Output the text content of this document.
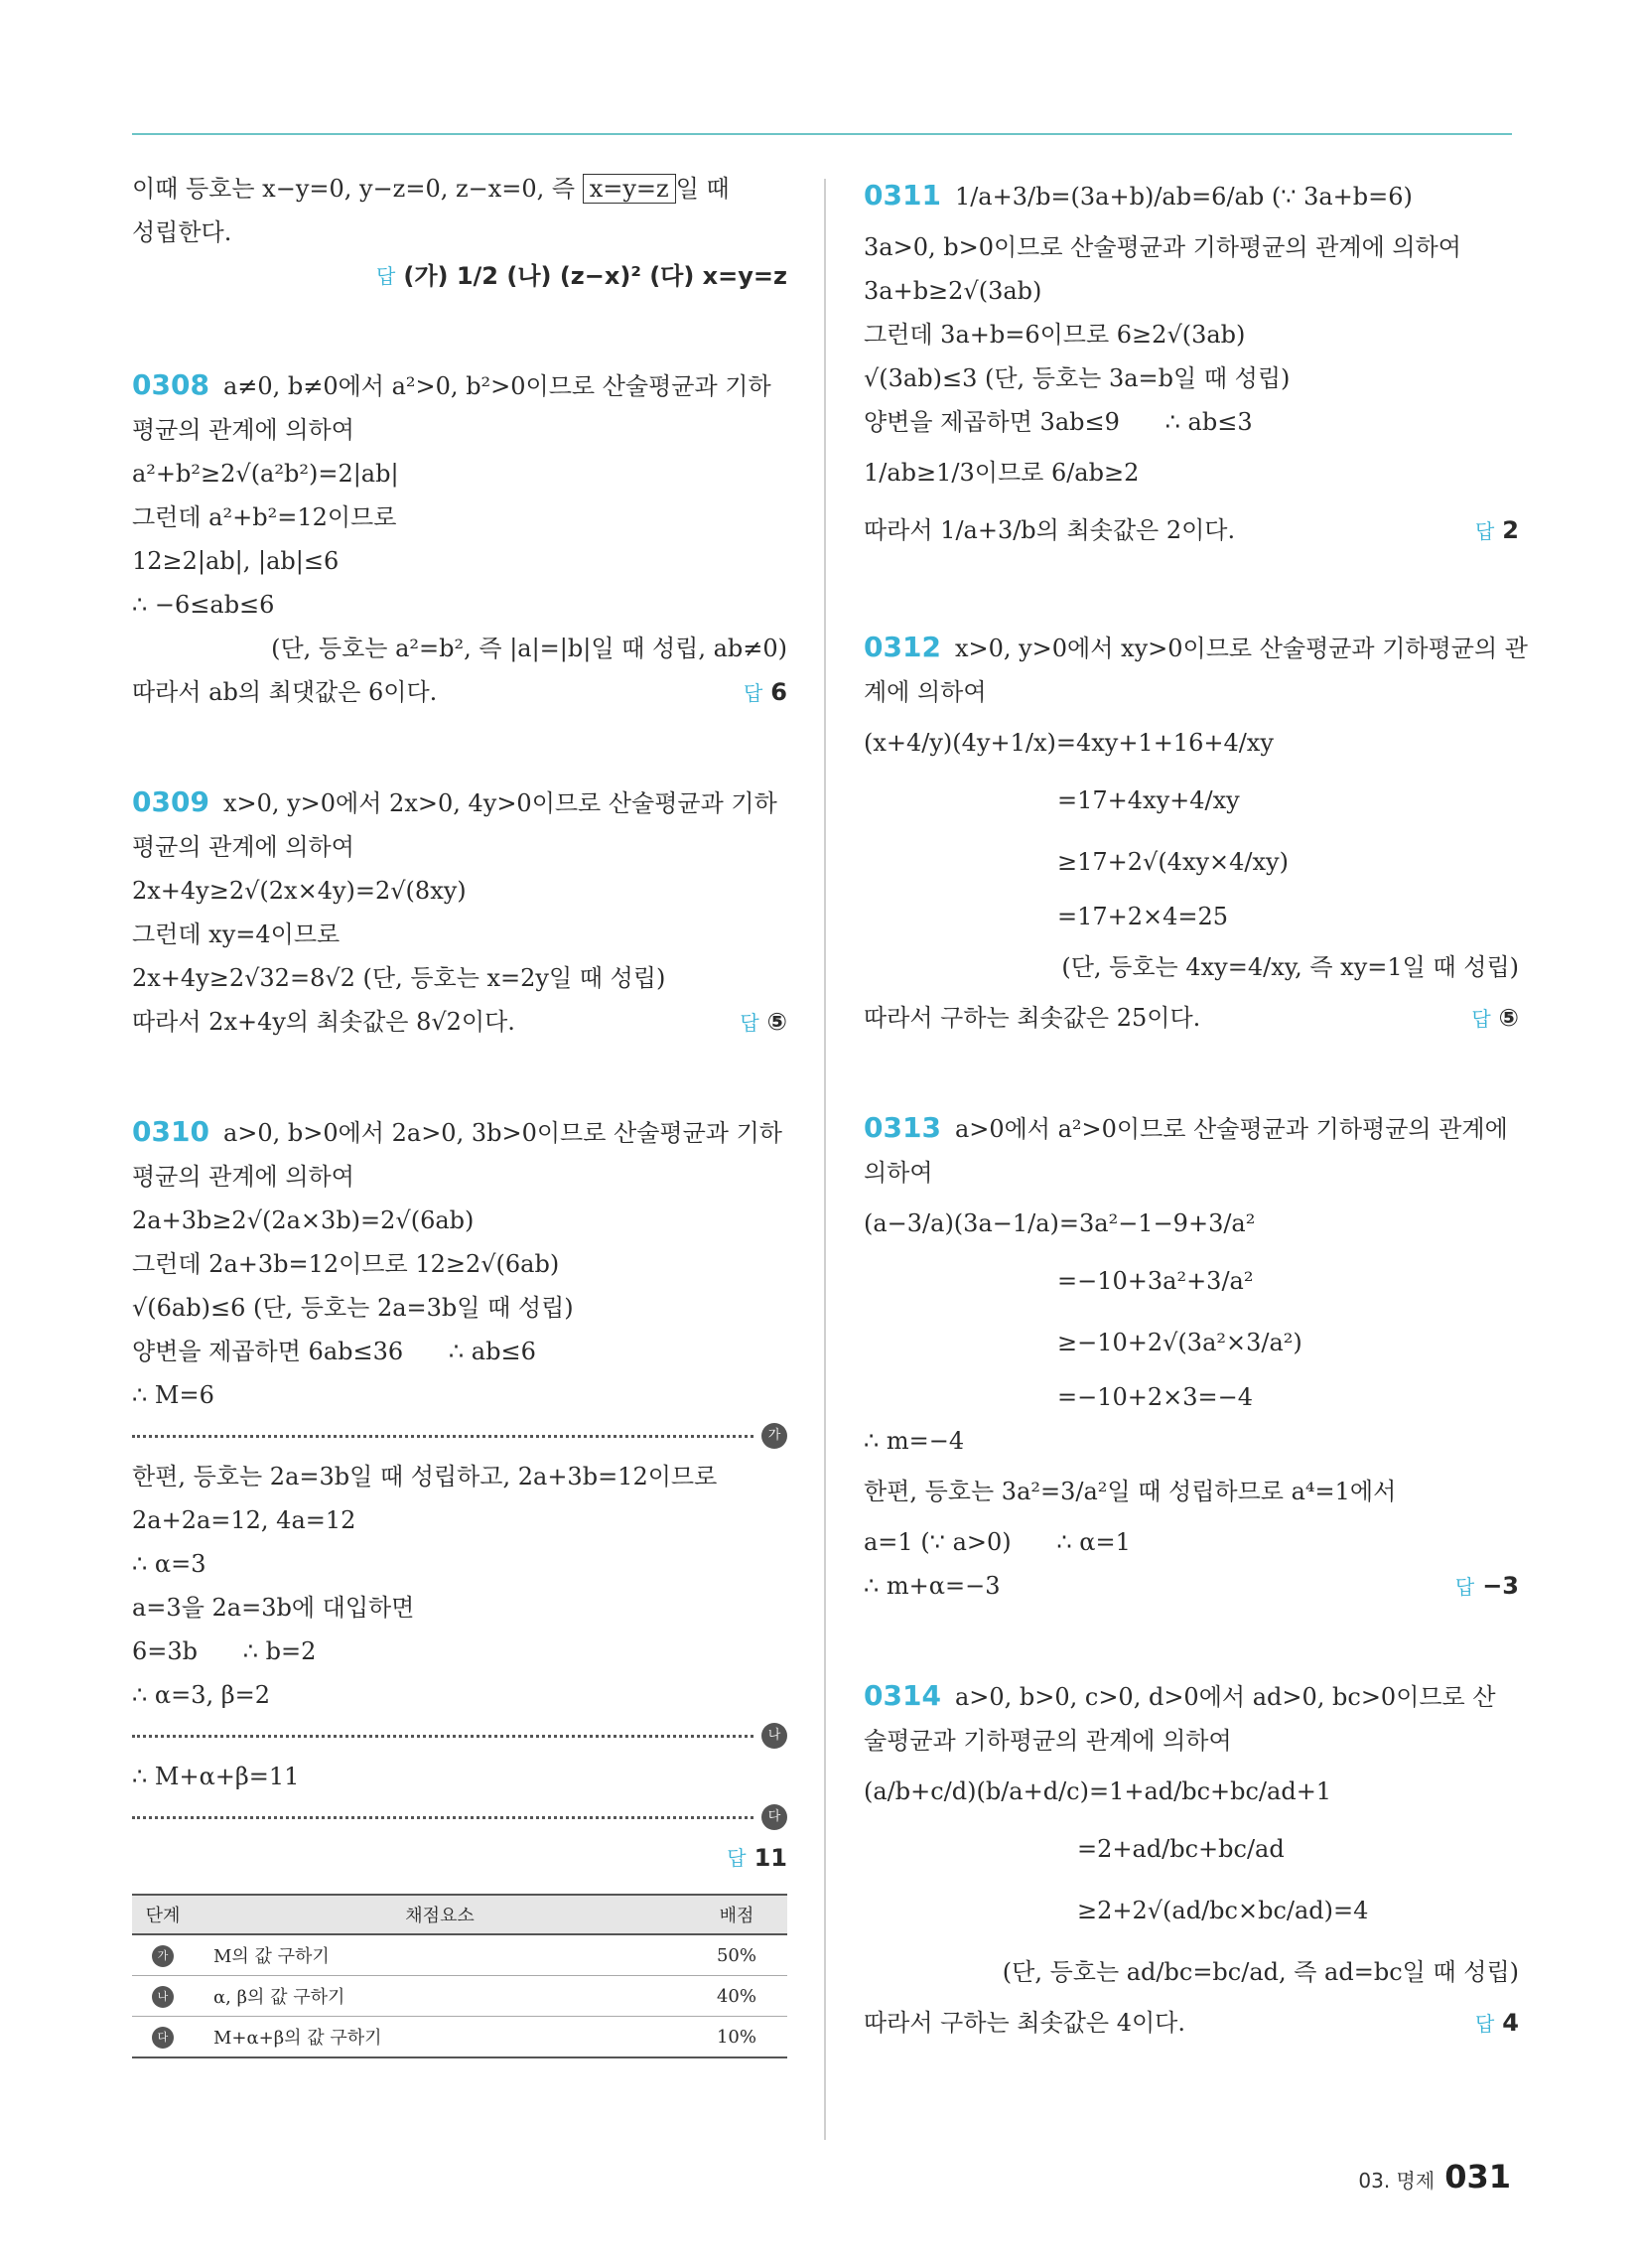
이때 등호는 x−y=0, y−z=0, z−x=0, 즉 x=y=z 일 때
성립한다.
답 (가) 1/2 (나) (z−x)² (다) x=y=z
0308 a≠0, b≠0에서 a²>0, b²>0이므로 산술평균과 기하
평균의 관계에 의하여
a²+b²≥2√(a²b²)=2|ab|
그런데 a²+b²=12이므로
12≥2|ab|, |ab|≤6
∴ −6≤ab≤6
(단, 등호는 a²=b², 즉 |a|=|b|일 때 성립, ab≠0)
따라서 ab의 최댓값은 6이다.	답 6
0309 x>0, y>0에서 2x>0, 4y>0이므로 산술평균과 기하
평균의 관계에 의하여
2x+4y≥2√(2x×4y)=2√(8xy)
그런데 xy=4이므로
2x+4y≥2√32=8√2 (단, 등호는 x=2y일 때 성립)
따라서 2x+4y의 최솟값은 8√2이다.	답 ⑤
0310 a>0, b>0에서 2a>0, 3b>0이므로 산술평균과 기하
평균의 관계에 의하여
2a+3b≥2√(2a×3b)=2√(6ab)
그런데 2a+3b=12이므로 12≥2√(6ab)
√(6ab)≤6 (단, 등호는 2a=3b일 때 성립)
양변을 제곱하면 6ab≤36      ∴ ab≤6
∴ M=6
가
한편, 등호는 2a=3b일 때 성립하고, 2a+3b=12이므로
2a+2a=12, 4a=12
∴ α=3
a=3을 2a=3b에 대입하면
6=3b      ∴ b=2
∴ α=3, β=2
나
∴ M+α+β=11
다
답 11
단계	채점요소	배점
가	M의 값 구하기	50%
나	α, β의 값 구하기	40%
다	M+α+β의 값 구하기	10%
0311 1/a+3/b=(3a+b)/ab=6/ab (∵ 3a+b=6)
3a>0, b>0이므로 산술평균과 기하평균의 관계에 의하여
3a+b≥2√(3ab)
그런데 3a+b=6이므로 6≥2√(3ab)
√(3ab)≤3 (단, 등호는 3a=b일 때 성립)
양변을 제곱하면 3ab≤9      ∴ ab≤3
1/ab≥1/3이므로 6/ab≥2
따라서 1/a+3/b의 최솟값은 2이다.	답 2
0312 x>0, y>0에서 xy>0이므로 산술평균과 기하평균의 관
계에 의하여
(x+4/y)(4y+1/x)=4xy+1+16+4/xy
=17+4xy+4/xy
≥17+2√(4xy×4/xy)
=17+2×4=25
(단, 등호는 4xy=4/xy, 즉 xy=1일 때 성립)
따라서 구하는 최솟값은 25이다.	답 ⑤
0313 a>0에서 a²>0이므로 산술평균과 기하평균의 관계에
의하여
(a−3/a)(3a−1/a)=3a²−1−9+3/a²
=−10+3a²+3/a²
≥−10+2√(3a²×3/a²)
=−10+2×3=−4
∴ m=−4
한편, 등호는 3a²=3/a²일 때 성립하므로 a⁴=1에서
a=1 (∵ a>0)      ∴ α=1
∴ m+α=−3	답 −3
0314 a>0, b>0, c>0, d>0에서 ad>0, bc>0이므로 산
술평균과 기하평균의 관계에 의하여
(a/b+c/d)(b/a+d/c)=1+ad/bc+bc/ad+1
=2+ad/bc+bc/ad
≥2+2√(ad/bc×bc/ad)=4
(단, 등호는 ad/bc=bc/ad, 즉 ad=bc일 때 성립)
따라서 구하는 최솟값은 4이다.	답 4
03. 명제 031
